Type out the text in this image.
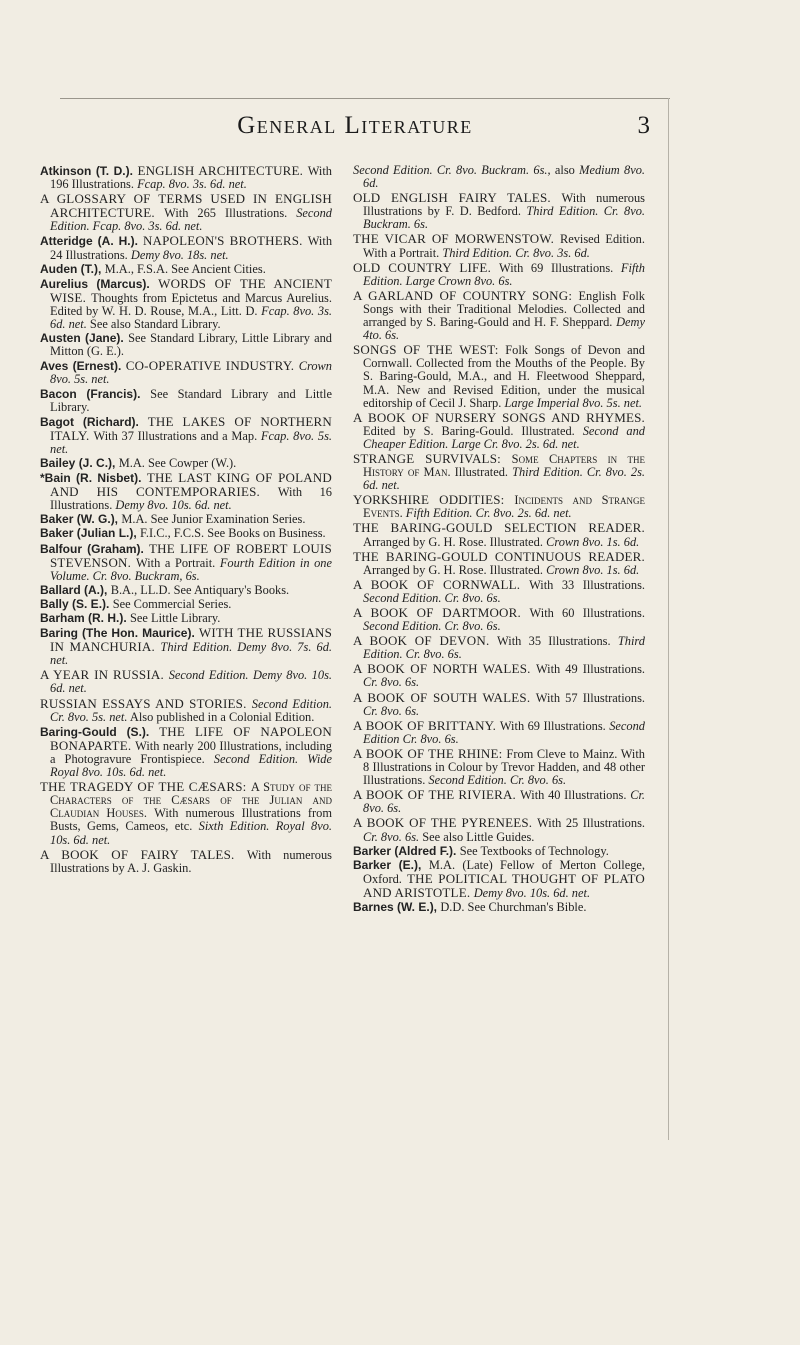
General Literature	3

Atkinson (T. D.). ENGLISH ARCHITECTURE. With 196 Illustrations. Fcap. 8vo. 3s. 6d. net.

A GLOSSARY OF TERMS USED IN ENGLISH ARCHITECTURE. With 265 Illustrations. Second Edition. Fcap. 8vo. 3s. 6d. net.

Atteridge (A. H.). NAPOLEON'S BROTHERS. With 24 Illustrations. Demy 8vo. 18s. net.

Auden (T.), M.A., F.S.A. See Ancient Cities.

Aurelius (Marcus). WORDS OF THE ANCIENT WISE. Thoughts from Epictetus and Marcus Aurelius. Edited by W. H. D. Rouse, M.A., Litt. D. Fcap. 8vo. 3s. 6d. net. See also Standard Library.

Austen (Jane). See Standard Library, Little Library and Mitton (G. E.).

Aves (Ernest). CO-OPERATIVE INDUSTRY. Crown 8vo. 5s. net.

Bacon (Francis). See Standard Library and Little Library.

Bagot (Richard). THE LAKES OF NORTHERN ITALY. With 37 Illustrations and a Map. Fcap. 8vo. 5s. net.

Bailey (J. C.), M.A. See Cowper (W.).

*Bain (R. Nisbet). THE LAST KING OF POLAND AND HIS CONTEMPORARIES. With 16 Illustrations. Demy 8vo. 10s. 6d. net.

Baker (W. G.), M.A. See Junior Examination Series.

Baker (Julian L.), F.I.C., F.C.S. See Books on Business.

Balfour (Graham). THE LIFE OF ROBERT LOUIS STEVENSON. With a Portrait. Fourth Edition in one Volume. Cr. 8vo. Buckram, 6s.

Ballard (A.), B.A., LL.D. See Antiquary's Books.

Bally (S. E.). See Commercial Series.

Barham (R. H.). See Little Library.

Baring (The Hon. Maurice). WITH THE RUSSIANS IN MANCHURIA. Third Edition. Demy 8vo. 7s. 6d. net.

A YEAR IN RUSSIA. Second Edition. Demy 8vo. 10s. 6d. net.

RUSSIAN ESSAYS AND STORIES. Second Edition. Cr. 8vo. 5s. net. Also published in a Colonial Edition.

Baring-Gould (S.). THE LIFE OF NAPOLEON BONAPARTE. With nearly 200 Illustrations, including a Photogravure Frontispiece. Second Edition. Wide Royal 8vo. 10s. 6d. net.

THE TRAGEDY OF THE CÆSARS: A Study of the Characters of the Cæsars of the Julian and Claudian Houses. With numerous Illustrations from Busts, Gems, Cameos, etc. Sixth Edition. Royal 8vo. 10s. 6d. net.

A BOOK OF FAIRY TALES. With numerous Illustrations by A. J. Gaskin.

Second Edition. Cr. 8vo. Buckram. 6s., also Medium 8vo. 6d.

OLD ENGLISH FAIRY TALES. With numerous Illustrations by F. D. Bedford. Third Edition. Cr. 8vo. Buckram. 6s.

THE VICAR OF MORWENSTOW. Revised Edition. With a Portrait. Third Edition. Cr. 8vo. 3s. 6d.

OLD COUNTRY LIFE. With 69 Illustrations. Fifth Edition. Large Crown 8vo. 6s.

A GARLAND OF COUNTRY SONG: English Folk Songs with their Traditional Melodies. Collected and arranged by S. Baring-Gould and H. F. Sheppard. Demy 4to. 6s.

SONGS OF THE WEST: Folk Songs of Devon and Cornwall. Collected from the Mouths of the People. By S. Baring-Gould, M.A., and H. Fleetwood Sheppard, M.A. New and Revised Edition, under the musical editorship of Cecil J. Sharp. Large Imperial 8vo. 5s. net.

A BOOK OF NURSERY SONGS AND RHYMES. Edited by S. Baring-Gould. Illustrated. Second and Cheaper Edition. Large Cr. 8vo. 2s. 6d. net.

STRANGE SURVIVALS: Some Chapters in the History of Man. Illustrated. Third Edition. Cr. 8vo. 2s. 6d. net.

YORKSHIRE ODDITIES: Incidents and Strange Events. Fifth Edition. Cr. 8vo. 2s. 6d. net.

THE BARING-GOULD SELECTION READER. Arranged by G. H. Rose. Illustrated. Crown 8vo. 1s. 6d.

THE BARING-GOULD CONTINUOUS READER. Arranged by G. H. Rose. Illustrated. Crown 8vo. 1s. 6d.

A BOOK OF CORNWALL. With 33 Illustrations. Second Edition. Cr. 8vo. 6s.

A BOOK OF DARTMOOR. With 60 Illustrations. Second Edition. Cr. 8vo. 6s.

A BOOK OF DEVON. With 35 Illustrations. Third Edition. Cr. 8vo. 6s.

A BOOK OF NORTH WALES. With 49 Illustrations. Cr. 8vo. 6s.

A BOOK OF SOUTH WALES. With 57 Illustrations. Cr. 8vo. 6s.

A BOOK OF BRITTANY. With 69 Illustrations. Second Edition Cr. 8vo. 6s.

A BOOK OF THE RHINE: From Cleve to Mainz. With 8 Illustrations in Colour by Trevor Hadden, and 48 other Illustrations. Second Edition. Cr. 8vo. 6s.

A BOOK OF THE RIVIERA. With 40 Illustrations. Cr. 8vo. 6s.

A BOOK OF THE PYRENEES. With 25 Illustrations. Cr. 8vo. 6s. See also Little Guides.

Barker (Aldred F.). See Textbooks of Technology.

Barker (E.), M.A. (Late) Fellow of Merton College, Oxford. THE POLITICAL THOUGHT OF PLATO AND ARISTOTLE. Demy 8vo. 10s. 6d. net.

Barnes (W. E.), D.D. See Churchman's Bible.
